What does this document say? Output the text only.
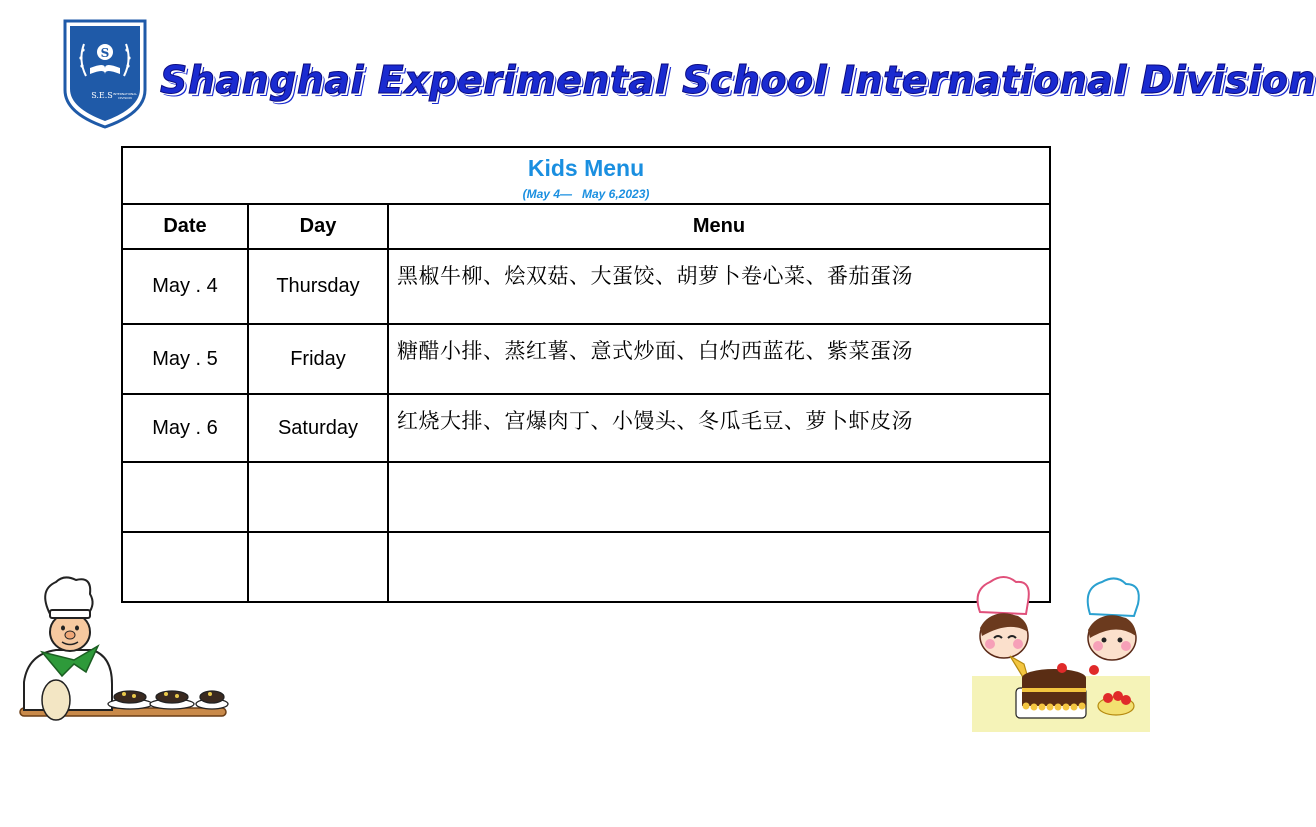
S
S.E.S INTERNATIONAL
DIVISION Shanghai Experimental School International Division
Kids Menu
(May 4—   May 6,2023)		

Date	Day	Menu
May . 4	Thursday	黑椒牛柳、烩双菇、大蛋饺、胡萝卜卷心菜、番茄蛋汤
May . 5	Friday	糖醋小排、蒸红薯、意式炒面、白灼西蓝花、紫菜蛋汤
May . 6	Saturday	红烧大排、宫爆肉丁、小馒头、冬瓜毛豆、萝卜虾皮汤
